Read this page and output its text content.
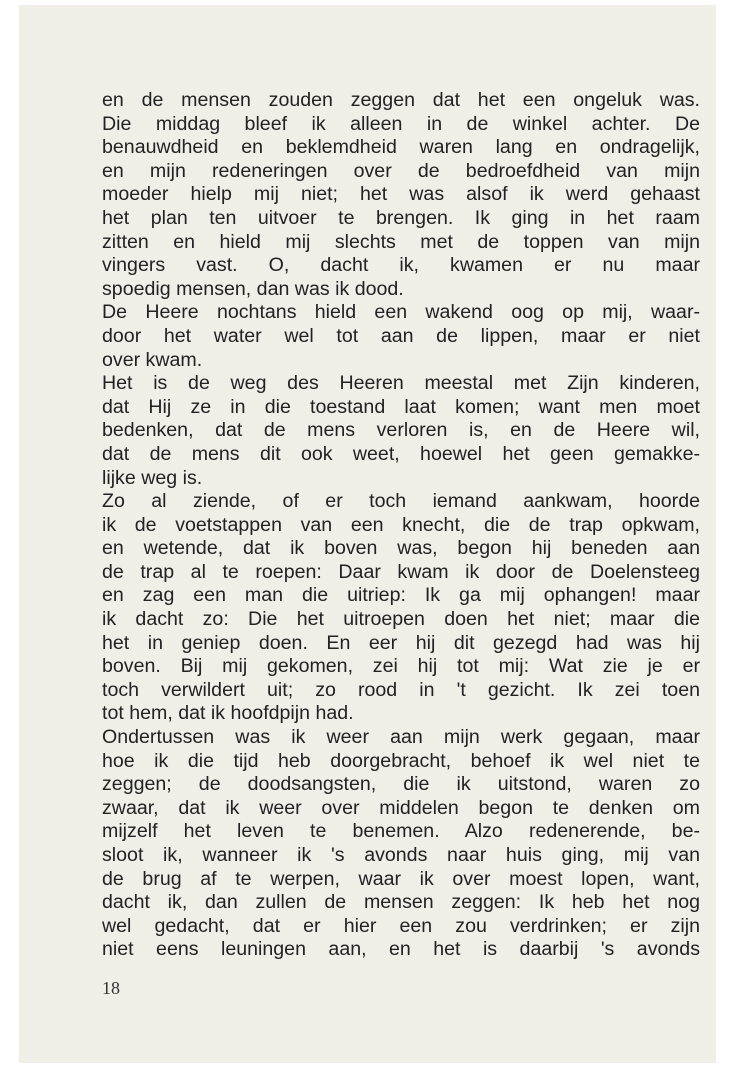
en de mensen zouden zeggen dat het een ongeluk was.
Die middag bleef ik alleen in de winkel achter. De
benauwdheid en beklemdheid waren lang en ondragelijk,
en mijn redeneringen over de bedroefdheid van mijn
moeder hielp mij niet; het was alsof ik werd gehaast
het plan ten uitvoer te brengen. Ik ging in het raam
zitten en hield mij slechts met de toppen van mijn
vingers vast. O, dacht ik, kwamen er nu maar
spoedig mensen, dan was ik dood.
De Heere nochtans hield een wakend oog op mij, waar-
door het water wel tot aan de lippen, maar er niet
over kwam.
Het is de weg des Heeren meestal met Zijn kinderen,
dat Hij ze in die toestand laat komen; want men moet
bedenken, dat de mens verloren is, en de Heere wil,
dat de mens dit ook weet, hoewel het geen gemakke-
lijke weg is.
Zo al ziende, of er toch iemand aankwam, hoorde
ik de voetstappen van een knecht, die de trap opkwam,
en wetende, dat ik boven was, begon hij beneden aan
de trap al te roepen: Daar kwam ik door de Doelensteeg
en zag een man die uitriep: Ik ga mij ophangen! maar
ik dacht zo: Die het uitroepen doen het niet; maar die
het in geniep doen. En eer hij dit gezegd had was hij
boven. Bij mij gekomen, zei hij tot mij: Wat zie je er
toch verwildert uit; zo rood in 't gezicht. Ik zei toen
tot hem, dat ik hoofdpijn had.
Ondertussen was ik weer aan mijn werk gegaan, maar
hoe ik die tijd heb doorgebracht, behoef ik wel niet te
zeggen; de doodsangsten, die ik uitstond, waren zo
zwaar, dat ik weer over middelen begon te denken om
mijzelf het leven te benemen. Alzo redenerende, be-
sloot ik, wanneer ik 's avonds naar huis ging, mij van
de brug af te werpen, waar ik over moest lopen, want,
dacht ik, dan zullen de mensen zeggen: Ik heb het nog
wel gedacht, dat er hier een zou verdrinken; er zijn
niet eens leuningen aan, en het is daarbij 's avonds
18
